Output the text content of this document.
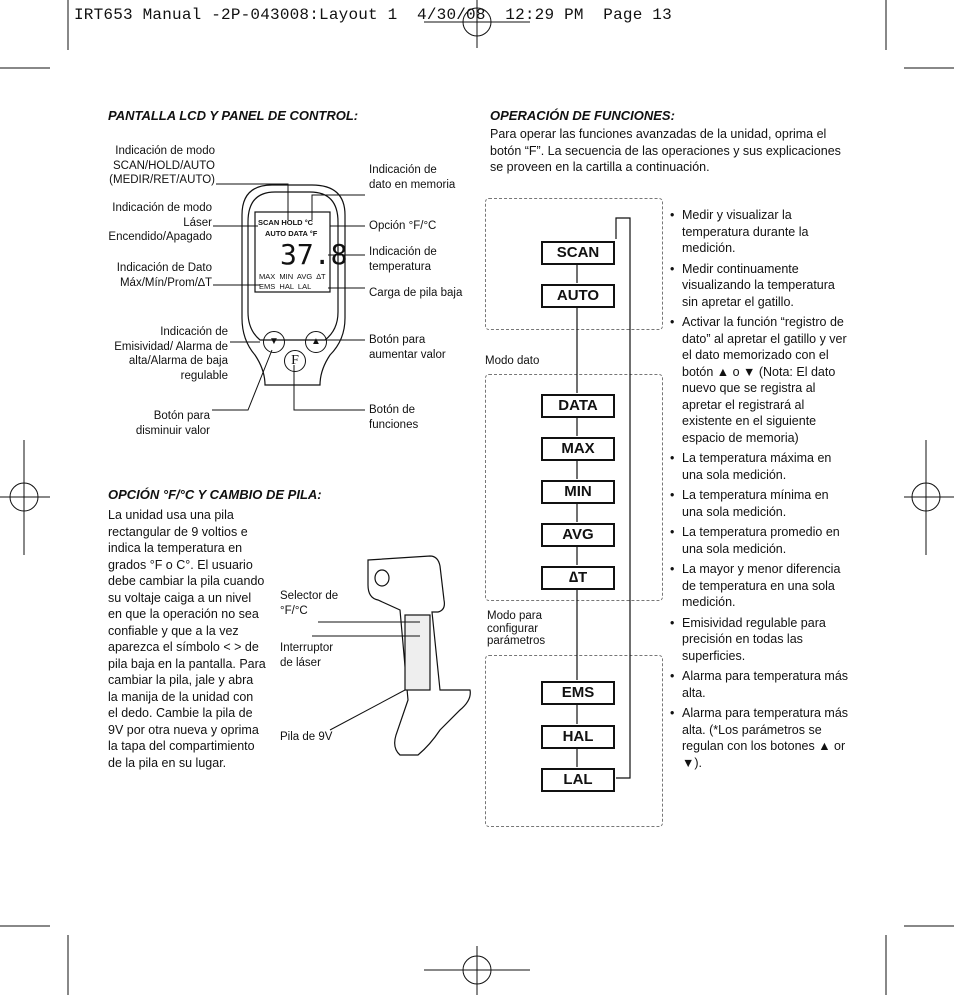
IRT653 Manual -2P-043008:Layout 1  4/30/08  12:29 PM  Page 13
PANTALLA LCD Y PANEL DE CONTROL:
Indicación de modo
SCAN/HOLD/AUTO
(MEDIR/RET/AUTO)
Indicación de modo
Láser
Encendido/Apagado
Indicación de Dato
Máx/Mín/Prom/∆T
Indicación de
Emisividad/ Alarma de
alta/Alarma de baja
regulable
Botón para
disminuir valor
Indicación de
dato en memoria
Opción °F/°C
Indicación de
temperatura
Carga de pila baja
Botón para
aumentar valor
Botón de
funciones
SCAN HOLD °C
AUTO DATA °F
37.8
MAX  MIN  AVG  ∆T
EMS  HAL  LAL
▼	▲
F
OPCIÓN °F/°C Y CAMBIO DE PILA:
La unidad usa una pila rectangular de 9 voltios e indica la temperatura en grados °F o C°. El usuario debe cambiar la pila cuando su voltaje caiga a un nivel en que la operación no sea confiable y que a la vez aparezca el símbolo < > de pila baja en la pantalla. Para cambiar la pila, jale y abra la manija de la unidad con el dedo. Cambie la pila de 9V por otra nueva y oprima la tapa del compartimiento de la pila en su lugar.
Selector de
°F/°C
Interruptor
de láser
Pila de 9V
OPERACIÓN DE FUNCIONES:
Para operar las funciones avanzadas de la unidad, oprima el botón “F”. La secuencia de las operaciones y sus explicaciones se proveen en la cartilla a continuación.
Modo dato
Modo para
configurar
parámetros
SCAN
AUTO
DATA
MAX
MIN
AVG
∆T
EMS
HAL
LAL
• Medir y visualizar la temperatura durante la medición.
• Medir continuamente visualizando la temperatura sin apretar el gatillo.
• Activar la función “registro de dato” al apretar el gatillo y ver el dato memorizado con el botón ▲ o ▼ (Nota: El dato nuevo que se registra al apretar el registrará al existente en el siguiente espacio de memoria)
• La temperatura máxima en una sola medición.
• La temperatura mínima en una sola medición.
• La temperatura promedio en una sola medición.
• La mayor y menor diferencia de temperatura en una sola medición.
• Emisividad regulable para precisión en todas las superficies.
• Alarma para temperatura más alta.
• Alarma para temperatura más alta. (*Los parámetros se regulan con los botones ▲ or ▼).
